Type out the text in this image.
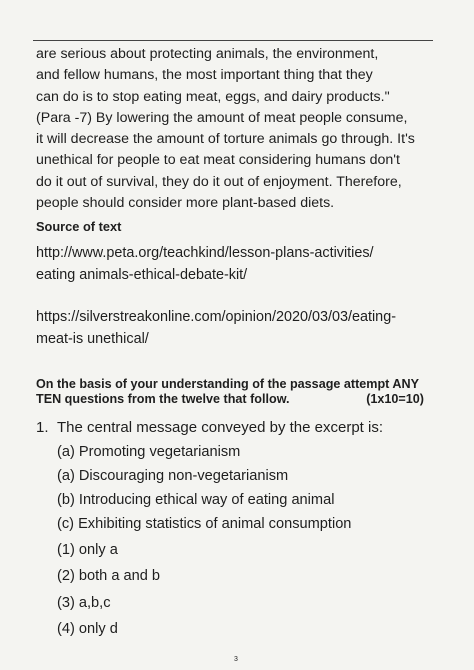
are serious about protecting animals, the environment,
and fellow humans, the most important thing that they
can do is to stop eating meat, eggs, and dairy products."
(Para -7) By lowering the amount of meat people consume,
it will decrease the amount of torture animals go through. It's
unethical for people to eat meat considering humans don't
do it out of survival, they do it out of enjoyment. Therefore,
people should consider more plant-based diets.
Source of text
http://www.peta.org/teachkind/lesson-plans-activities/
eating animals-ethical-debate-kit/
https://silverstreakonline.com/opinion/2020/03/03/eating-
meat-is unethical/
On the basis of your understanding of the passage attempt ANY
TEN questions from the twelve that follow.	(1x10=10)
1. The central message conveyed by the excerpt is:
(a) Promoting vegetarianism
(a) Discouraging non-vegetarianism
(b) Introducing ethical way of eating animal
(c) Exhibiting statistics of animal consumption
(1) only a
(2) both a and b
(3) a,b,c
(4) only d
3
